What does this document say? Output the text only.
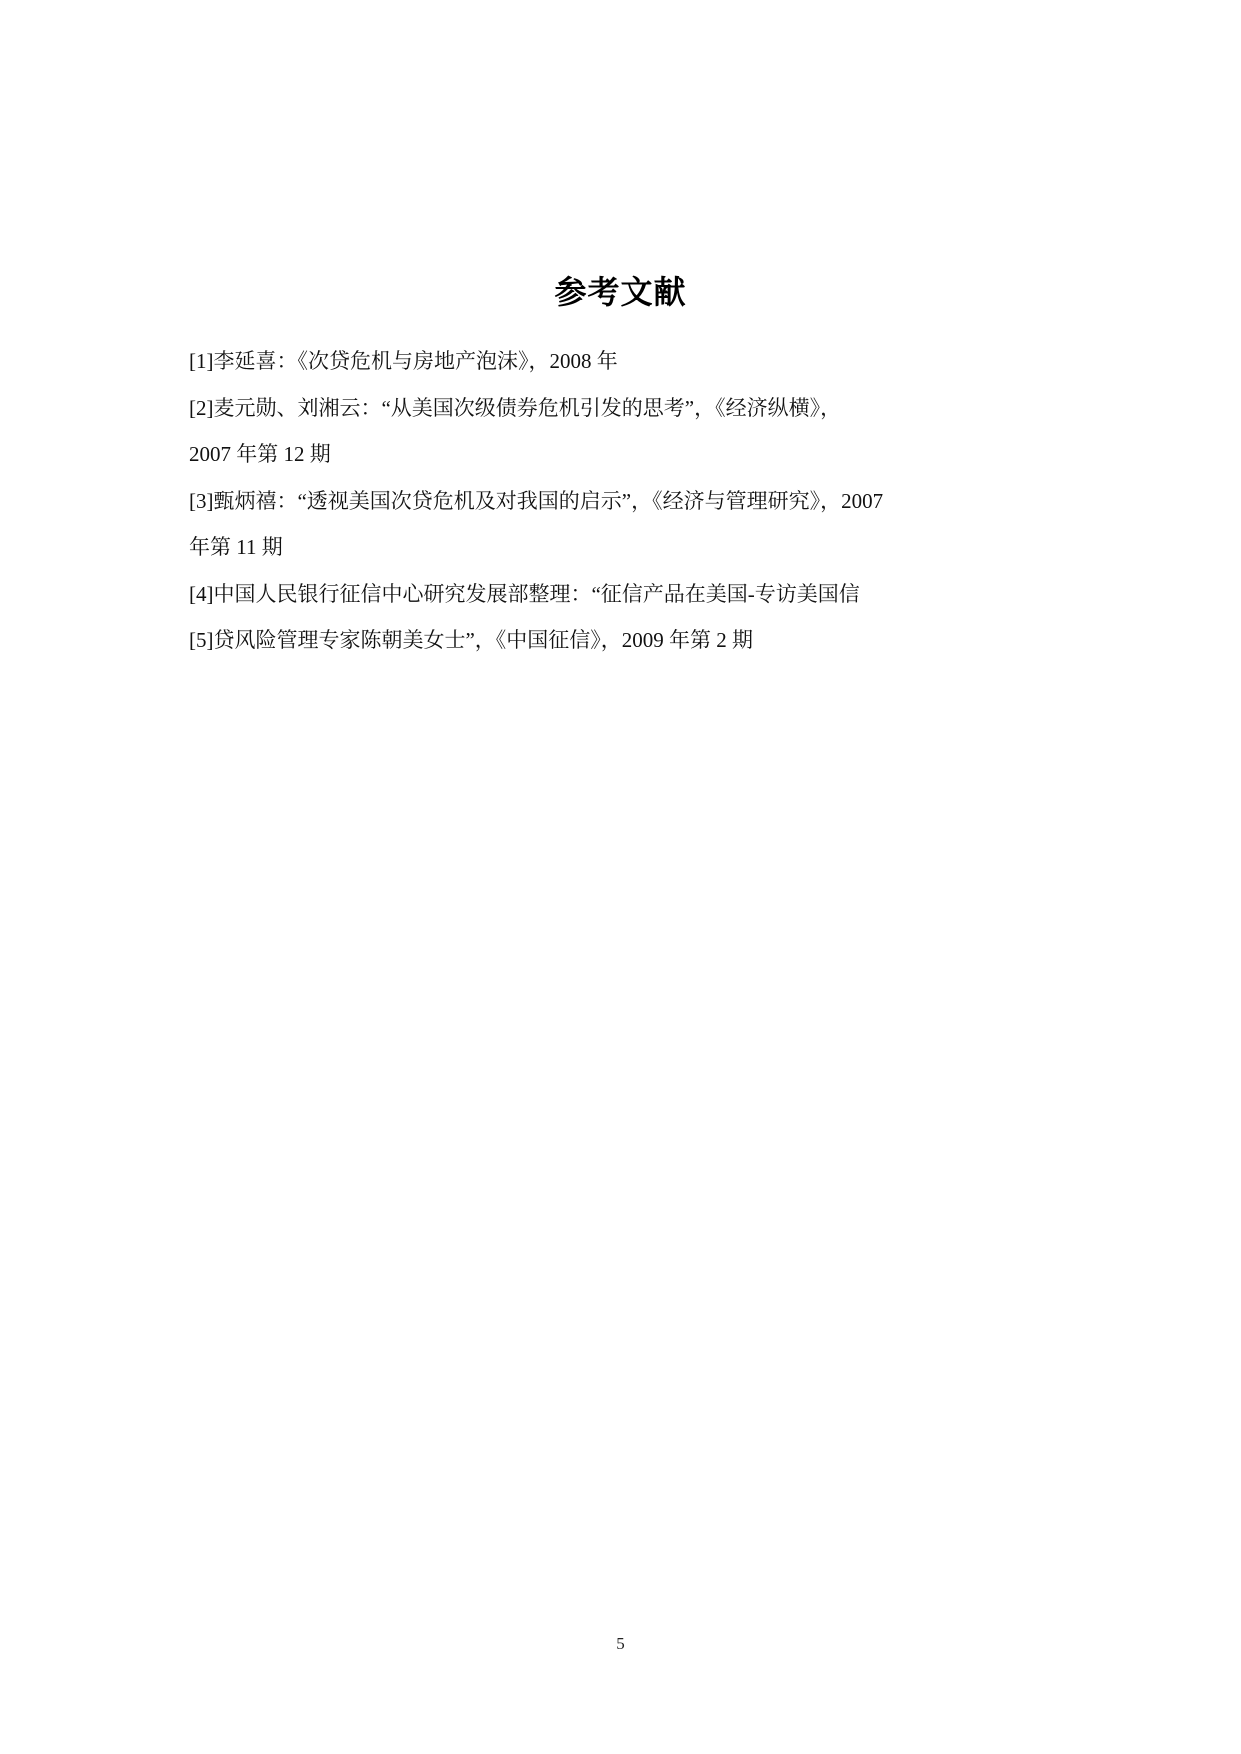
参考文献
[1]李延喜：《次贷危机与房地产泡沫》，2008 年
[2]麦元勋、刘湘云：“从美国次级债券危机引发的思考”，《经济纵横》，
2007 年第 12 期
[3]甄炳禧：“透视美国次贷危机及对我国的启示”，《经济与管理研究》，2007
年第 11 期
[4]中国人民银行征信中心研究发展部整理：“征信产品在美国-专访美国信
[5]贷风险管理专家陈朝美女士”，《中国征信》，2009 年第 2 期
5
